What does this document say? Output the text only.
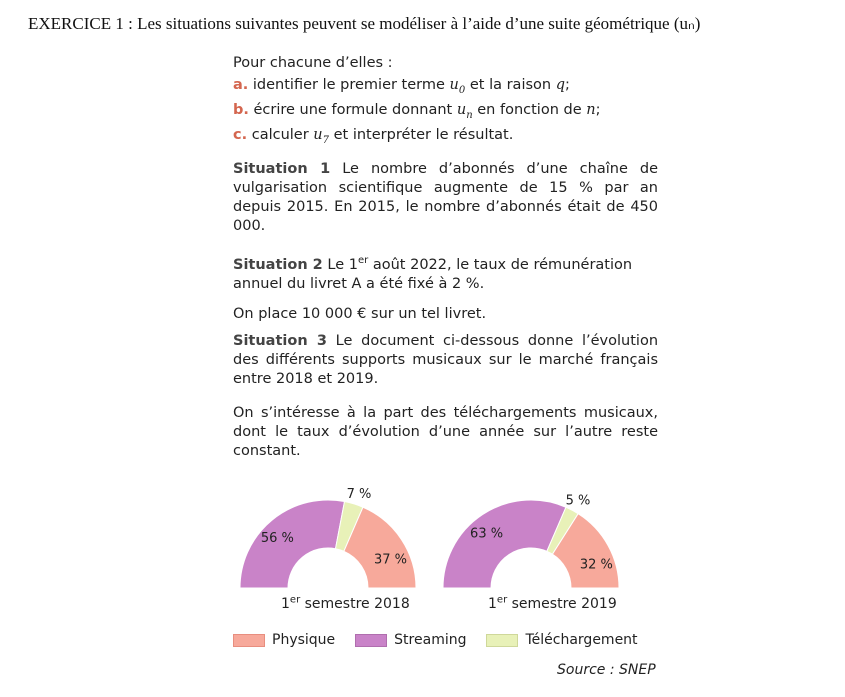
EXERCICE 1 : Les situations suivantes peuvent se modéliser à l’aide d’une suite géométrique (uₙ)
Pour chacune d’elles :
a. identifier le premier terme $u_0$ et la raison q;
b. écrire une formule donnant $u_n$ en fonction de n;
c. calculer $u_7$ et interpréter le résultat.
Situation 1 Le nombre d’abonnés d’une chaîne de vulgarisation scientifique augmente de 15 % par an depuis 2015. En 2015, le nombre d’abonnés était de 450 000.
Situation 2 Le 1er août 2022, le taux de rémunération annuel du livret A a été fixé à 2 %.
On place 10 000 € sur un tel livret.
Situation 3 Le document ci-dessous donne l’évolution des différents supports musicaux sur le marché français entre 2018 et 2019.
On s’intéresse à la part des téléchargements musicaux, dont le taux d’évolution d’une année sur l’autre reste constant.
56 %
7 %
37 %
63 %
5 %
32 %
1er semestre 2018	1er semestre 2019
Physique	Streaming	Téléchargement
Source : SNEP
